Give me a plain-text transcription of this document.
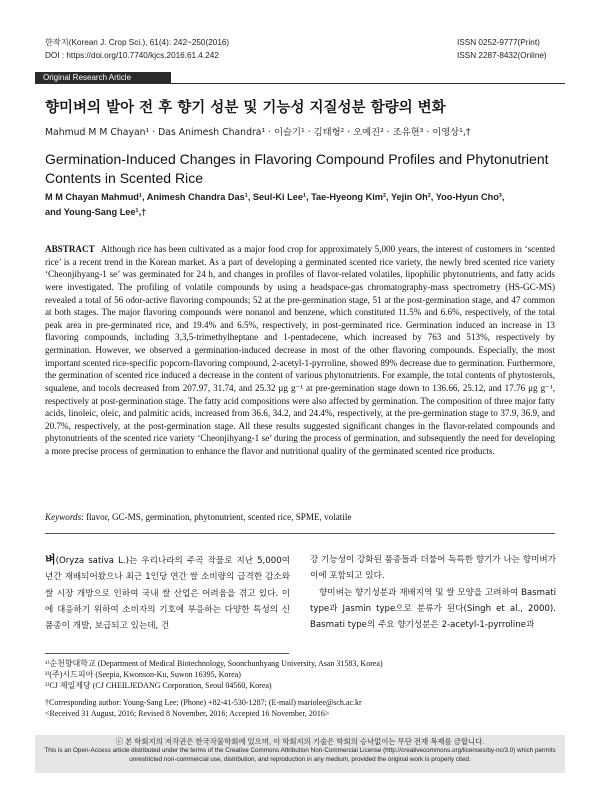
한작지(Korean J. Crop Sci.), 61(4): 242~250(2016)
DOI : https://doi.org/10.7740/kjcs.2016.61.4.242
ISSN 0252-9777(Print)
ISSN 2287-8432(Online)
Original Research Article
향미벼의 발아 전 후 향기 성분 및 기능성 지질성분 함량의 변화
Mahmud M M Chayan¹ · Das Animesh Chandra¹ · 이슬기¹ · 김태형² · 오예진² · 조유현³ · 이영상¹,†
Germination-Induced Changes in Flavoring Compound Profiles and Phytonutrient Contents in Scented Rice
M M Chayan Mahmud¹, Animesh Chandra Das¹, Seul-Ki Lee¹, Tae-Hyeong Kim², Yejin Oh², Yoo-Hyun Cho³,
and Young-Sang Lee¹,†
ABSTRACT Although rice has been cultivated as a major food crop for approximately 5,000 years, the interest of customers in ‘scented rice’ is a recent trend in the Korean market. As a part of developing a germinated scented rice variety, the newly bred scented rice variety ‘Cheonjihyang-1 se’ was germinated for 24 h, and changes in profiles of flavor-related volatiles, lipophilic phytonutrients, and fatty acids were investigated. The profiling of volatile compounds by using a headspace-gas chromatography-mass spectrometry (HS-GC-MS) revealed a total of 56 odor-active flavoring compounds; 52 at the pre-germination stage, 51 at the post-germination stage, and 47 common at both stages. The major flavoring compounds were nonanol and benzene, which constituted 11.5% and 6.6%, respectively, of the total peak area in pre-germinated rice, and 19.4% and 6.5%, respectively, in post-germinated rice. Germination induced an increase in 13 flavoring compounds, including 3,3,5-trimethylheptane and 1-pentadecene, which increased by 763 and 513%, respectively by germination. However, we observed a germination-induced decrease in most of the other flavoring compounds. Especially, the most important scented rice-specific popcorn-flavoring compound, 2-acetyl-1-pyrroline, showed 89% decrease due to germination. Furthermore, the germination of scented rice induced a decrease in the content of various phytonutrients. For example, the total contents of phytosterols, squalene, and tocols decreased from 207.97, 31.74, and 25.32 μg g⁻¹ at pre-germination stage down to 136.66, 25.12, and 17.76 μg g⁻¹, respectively at post-germination stage. The fatty acid compositions were also affected by germination. The composition of three major fatty acids, linoleic, oleic, and palmitic acids, increased from 36.6, 34.2, and 24.4%, respectively, at the pre-germination stage to 37.9, 36.9, and 20.7%, respectively, at the post-germination stage. All these results suggested significant changes in the flavor-related compounds and phytonutrients of the scented rice variety ‘Cheonjihyang-1 se’ during the process of germination, and subsequently the need for developing a more precise process of germination to enhance the flavor and nutritional quality of the germinated scented rice products.
Keywords: flavor, GC-MS, germination, phytonutrient, scented rice, SPME, volatile

벼(Oryza sativa L.)는 우리나라의 주곡 작물로 지난 5,000여 년간 재배되어왔으나 최근 1인당 연간 쌀 소비량의 급격한 감소와 쌀 시장 개방으로 인하여 국내 쌀 산업은 어려움을 겪고 있다. 이에 대응하기 위하여 소비자의 기호에 부응하는 다양한 특성의 신품종이 개발, 보급되고 있는데, 건

강 기능성이 강화된 품종들과 더불어 독특한 향기가 나는 향미벼가 이에 포함되고 있다.

향미벼는 향기성분과 재배지역 및 쌀 모양을 고려하여 Basmati type과 Jasmin type으로 분류가 된다(Singh et al., 2000). Basmati type의 주요 향기성분은 2-acetyl-1-pyrroline과

¹⁾순천향대학교 (Department of Medical Biotechnology, Soonchunhyang University, Asan 31583, Korea)
²⁾(주)시드피아 (Seepia, Kwonson-Ku, Suwon 16395, Korea)
³⁾CJ 제일제당 (CJ CHEILJEDANG Corporation, Seoul 04560, Korea)
†Corresponding author: Young-Sang Lee; (Phone) +82-41-530-1287; (E-mail) mariolee@sch.ac.kr
<Received 31 August, 2016; Revised 8 November, 2016; Accepted 16 November, 2016>
ⓒ 본 학회지의 저작권은 한국작물학회에 있으며, 이 학회지의 기술은 학회의 승낙없이는 무단 전재 복제를 금합니다.
This is an Open-Access article distributed under the terms of the Creative Commons Attribution Non-Commercial License (http://creativecommons.org/licenses/by-nc/3.0) which permits unrestricted non-commercial use, distribution, and reproduction in any medium, provided the original work is properly cited.
